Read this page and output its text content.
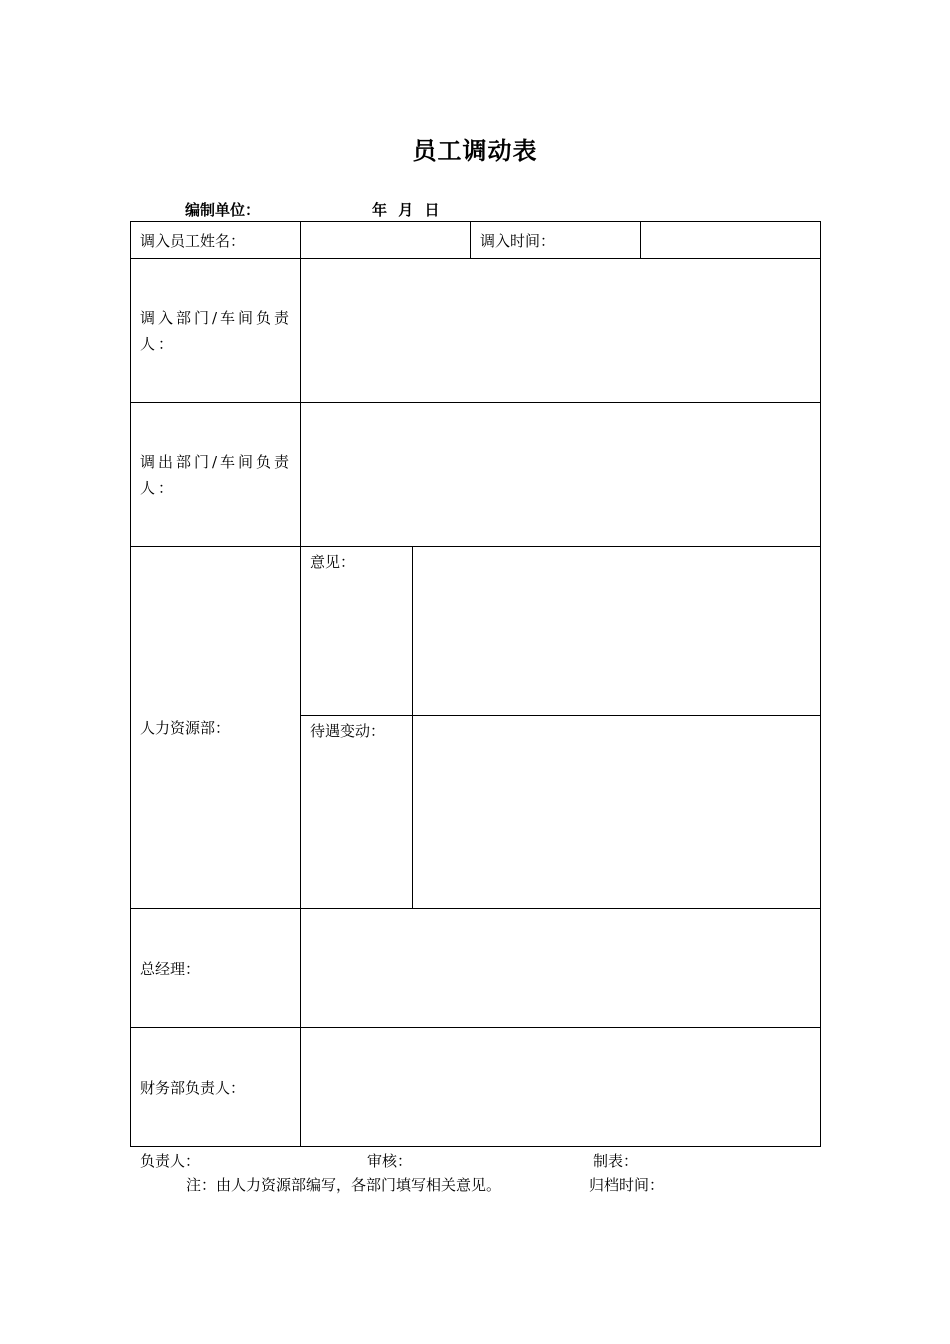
员工调动表
编制单位：	年 月 日
调入员工姓名：			调入时间：	
调入部门/车间负责人：				
调出部门/车间负责人：				
人力资源部：	意见：			
	待遇变动：			
总经理：				
财务部负责人：				
负责人：	审核：	制表：
注：由人力资源部编写，各部门填写相关意见。	归档时间：
